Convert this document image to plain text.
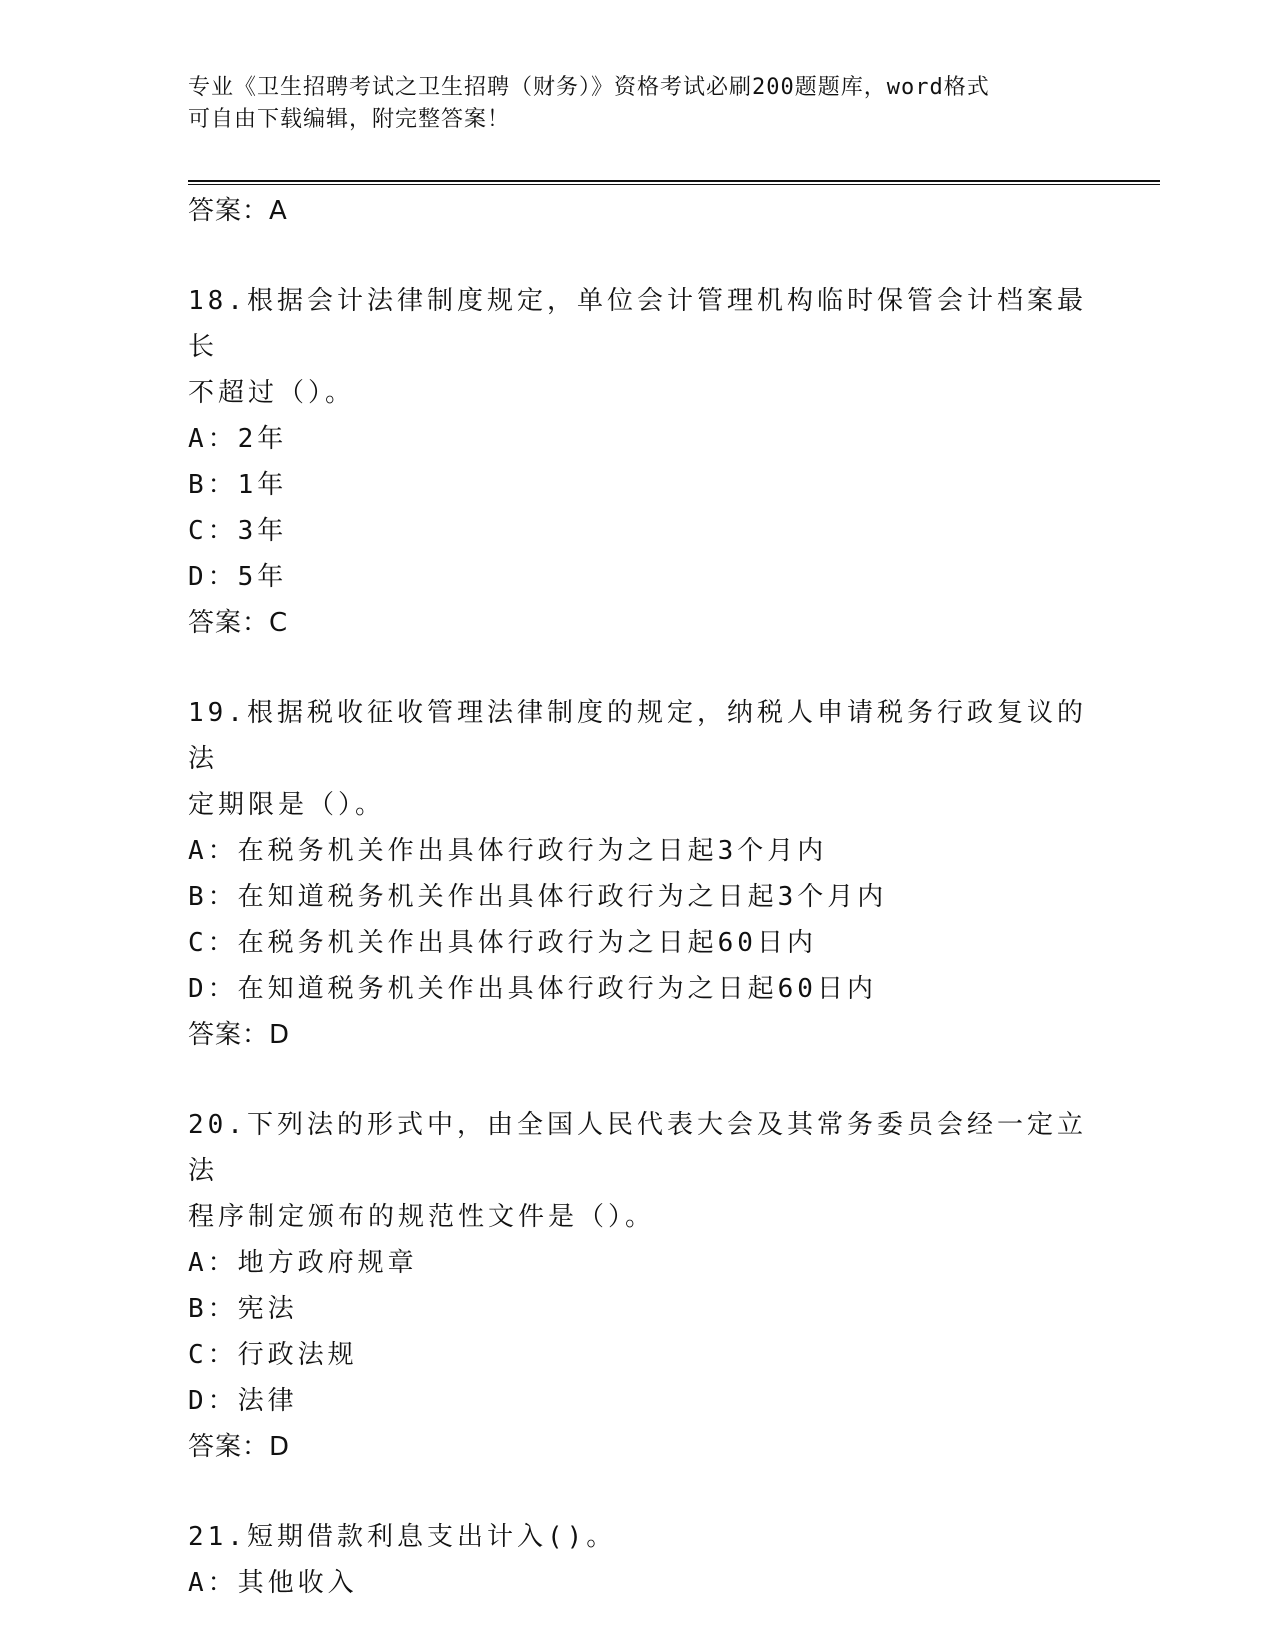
专业《卫生招聘考试之卫生招聘（财务）》资格考试必刷200题题库，word格式
可自由下载编辑，附完整答案！
答案：A
18.根据会计法律制度规定，单位会计管理机构临时保管会计档案最长
不超过（）。
A：2年
B：1年
C：3年
D：5年
答案：C
19.根据税收征收管理法律制度的规定，纳税人申请税务行政复议的法
定期限是（）。
A：在税务机关作出具体行政行为之日起3个月内
B：在知道税务机关作出具体行政行为之日起3个月内
C：在税务机关作出具体行政行为之日起60日内
D：在知道税务机关作出具体行政行为之日起60日内
答案：D
20.下列法的形式中，由全国人民代表大会及其常务委员会经一定立法
程序制定颁布的规范性文件是（）。
A：地方政府规章
B：宪法
C：行政法规
D：法律
答案：D
21.短期借款利息支出计入()。
A：其他收入
